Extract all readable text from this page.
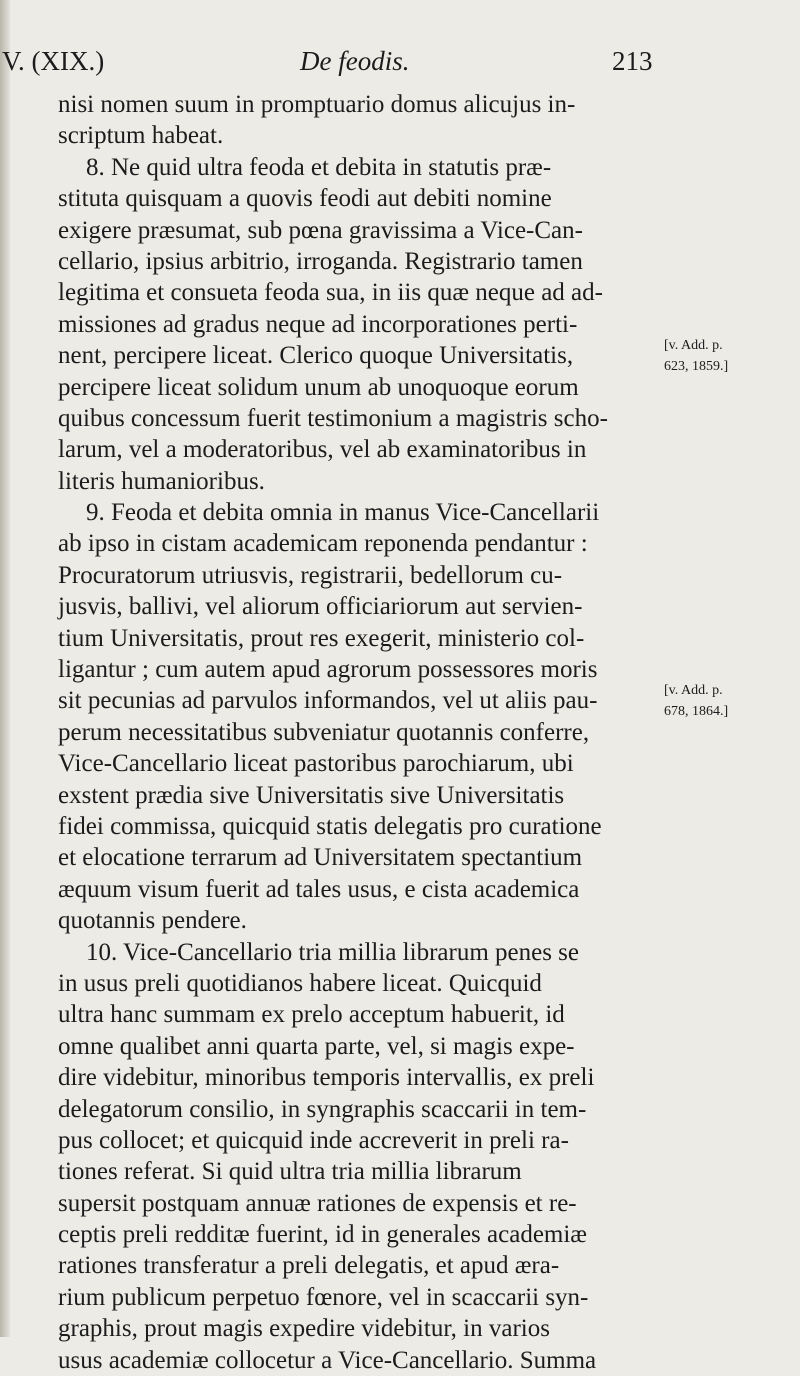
V. (XIX.)	De feodis.	213
nisi nomen suum in promptuario domus alicujus in-
scriptum habeat.
8. Ne quid ultra feoda et debita in statutis præ-
stituta quisquam a quovis feodi aut debiti nomine
exigere præsumat, sub pœna gravissima a Vice-Can-
cellario, ipsius arbitrio, irroganda. Registrario tamen
legitima et consueta feoda sua, in iis quæ neque ad ad-
missiones ad gradus neque ad incorporationes perti-
nent, percipere liceat. Clerico quoque Universitatis,
percipere liceat solidum unum ab unoquoque eorum
quibus concessum fuerit testimonium a magistris scho-
larum, vel a moderatoribus, vel ab examinatoribus in
literis humanioribus.
9. Feoda et debita omnia in manus Vice-Cancellarii
ab ipso in cistam academicam reponenda pendantur :
Procuratorum utriusvis, registrarii, bedellorum cu-
jusvis, ballivi, vel aliorum officiariorum aut servien-
tium Universitatis, prout res exegerit, ministerio col-
ligantur ; cum autem apud agrorum possessores moris
sit pecunias ad parvulos informandos, vel ut aliis pau-
perum necessitatibus subveniatur quotannis conferre,
Vice-Cancellario liceat pastoribus parochiarum, ubi
exstent prædia sive Universitatis sive Universitatis
fidei commissa, quicquid statis delegatis pro curatione
et elocatione terrarum ad Universitatem spectantium
æquum visum fuerit ad tales usus, e cista academica
quotannis pendere.
10. Vice-Cancellario tria millia librarum penes se
in usus preli quotidianos habere liceat. Quicquid
ultra hanc summam ex prelo acceptum habuerit, id
omne qualibet anni quarta parte, vel, si magis expe-
dire videbitur, minoribus temporis intervallis, ex preli
delegatorum consilio, in syngraphis scaccarii in tem-
pus collocet; et quicquid inde accreverit in preli ra-
tiones referat. Si quid ultra tria millia librarum
supersit postquam annuæ rationes de expensis et re-
ceptis preli redditæ fuerint, id in generales academiæ
rationes transferatur a preli delegatis, et apud æra-
rium publicum perpetuo fœnore, vel in scaccarii syn-
graphis, prout magis expedire videbitur, in varios
usus academiæ collocetur a Vice-Cancellario. Summa
[v. Add. p.
623, 1859.]
[v. Add. p.
678, 1864.]
